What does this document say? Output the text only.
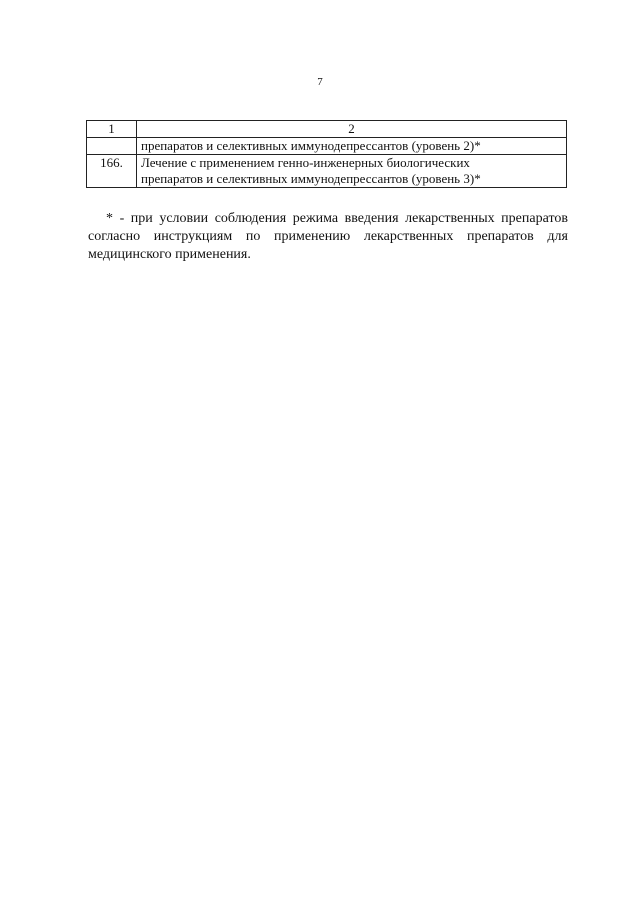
7
1	2
	препаратов и селективных иммунодепрессантов (уровень 2)*
166.	Лечение с применением генно-инженерных биологических
препаратов и селективных иммунодепрессантов (уровень 3)*
* - при условии соблюдения режима введения лекарственных препаратов
согласно инструкциям по применению лекарственных препаратов для
медицинского применения.
